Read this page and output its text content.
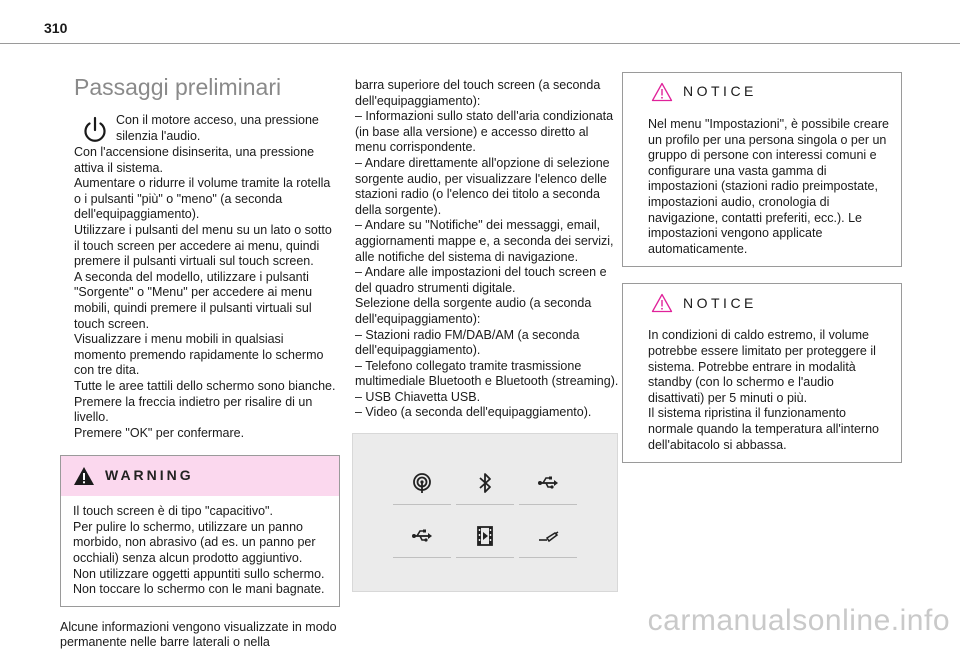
310
Passaggi preliminari

Con il motore acceso, una pressione

silenzia l'audio.

Con l'accensione disinserita, una pressione attiva il sistema.

Aumentare o ridurre il volume tramite la rotella o i pulsanti "più" o "meno" (a seconda dell'equipaggiamento).

Utilizzare i pulsanti del menu su un lato o sotto il touch screen per accedere ai menu, quindi premere il pulsanti virtuali sul touch screen.

A seconda del modello, utilizzare i pulsanti "Sorgente" o "Menu" per accedere ai menu mobili, quindi premere il pulsanti virtuali sul touch screen.

Visualizzare i menu mobili in qualsiasi momento premendo rapidamente lo schermo con tre dita.

Tutte le aree tattili dello schermo sono bianche.

Premere la freccia indietro per risalire di un livello.

Premere "OK" per confermare.

WARNING

Il touch screen è di tipo "capacitivo".

Per pulire lo schermo, utilizzare un panno morbido, non abrasivo (ad es. un panno per occhiali) senza alcun prodotto aggiuntivo.

Non utilizzare oggetti appuntiti sullo schermo.

Non toccare lo schermo con le mani bagnate.

Alcune informazioni vengono visualizzate in modo permanente nelle barre laterali o nella

barra superiore del touch screen (a seconda dell'equipaggiamento):

– Informazioni sullo stato dell'aria condizionata (in base alla versione) e accesso diretto al menu corrispondente.

– Andare direttamente all'opzione di selezione sorgente audio, per visualizzare l'elenco delle stazioni radio (o l'elenco dei titolo a seconda della sorgente).

– Andare su "Notifiche" dei messaggi, email, aggiornamenti mappe e, a seconda dei servizi, alle notifiche del sistema di navigazione.

– Andare alle impostazioni del touch screen e del quadro strumenti digitale.

Selezione della sorgente audio (a seconda dell'equipaggiamento):

– Stazioni radio FM/DAB/AM (a seconda dell'equipaggiamento).

– Telefono collegato tramite trasmissione multimediale Bluetooth e Bluetooth (streaming).

– USB Chiavetta USB.

– Video (a seconda dell'equipaggiamento).

NOTICE

Nel menu "Impostazioni", è possibile creare un profilo per una persona singola o per un gruppo di persone con interessi comuni e configurare una vasta gamma di impostazioni (stazioni radio preimpostate, impostazioni audio, cronologia di navigazione, contatti preferiti, ecc.). Le impostazioni vengono applicate automaticamente.

NOTICE

In condizioni di caldo estremo, il volume potrebbe essere limitato per proteggere il sistema. Potrebbe entrare in modalità standby (con lo schermo e l'audio disattivati) per 5 minuti o più.

Il sistema ripristina il funzionamento normale quando la temperatura all'interno dell'abitacolo si abbassa.

carmanualsonline.info
